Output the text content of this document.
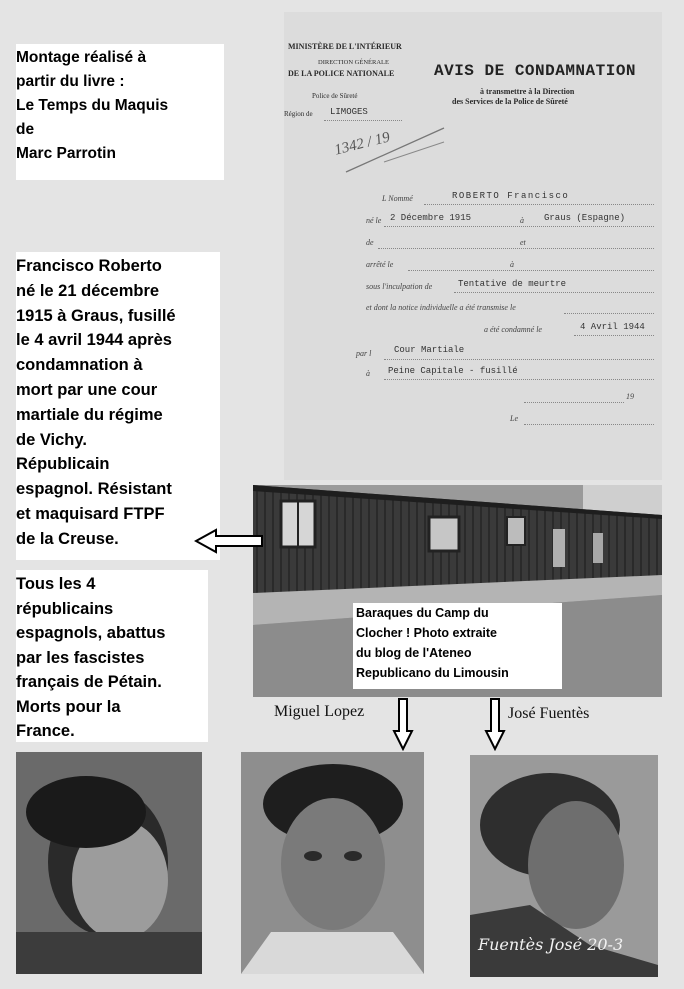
Montage réalisé à
partir du livre :
Le Temps du Maquis
de
Marc Parrotin
Francisco Roberto
né le 21 décembre
1915 à Graus, fusillé
le 4 avril 1944 après
condamnation à
mort par une cour
martiale du régime
de Vichy.
Républicain
espagnol. Résistant
et maquisard FTPF
de la Creuse.
Tous les 4
républicains
espagnols, abattus
par les fascistes
français de Pétain.
Morts pour la
France.
MINISTÈRE DE L'INTÉRIEUR
DIRECTION GÉNÉRALE
DE LA POLICE NATIONALE
Police de Sûreté
Région de LIMOGES
1342 / 19
AVIS DE CONDAMNATION
à transmettre à la Direction
des Services de la Police de Sûreté
L Nommé	ROBERTO Francisco
né le 2 Décembre 1915	à Graus (Espagne)
de	et
arrêté le	à
sous l'inculpation de	Tentative de meurtre
et dont la notice individuelle a été transmise le
a été condamné le	4 Avril 1944
par l	Cour Martiale
à Peine Capitale - fusillé
19
Le
Baraques du Camp du
Clocher ! Photo extraite
du blog de l'Ateneo
Republicano du Limousin
Miguel Lopez	José Fuentès
Fuentès José 20-3
